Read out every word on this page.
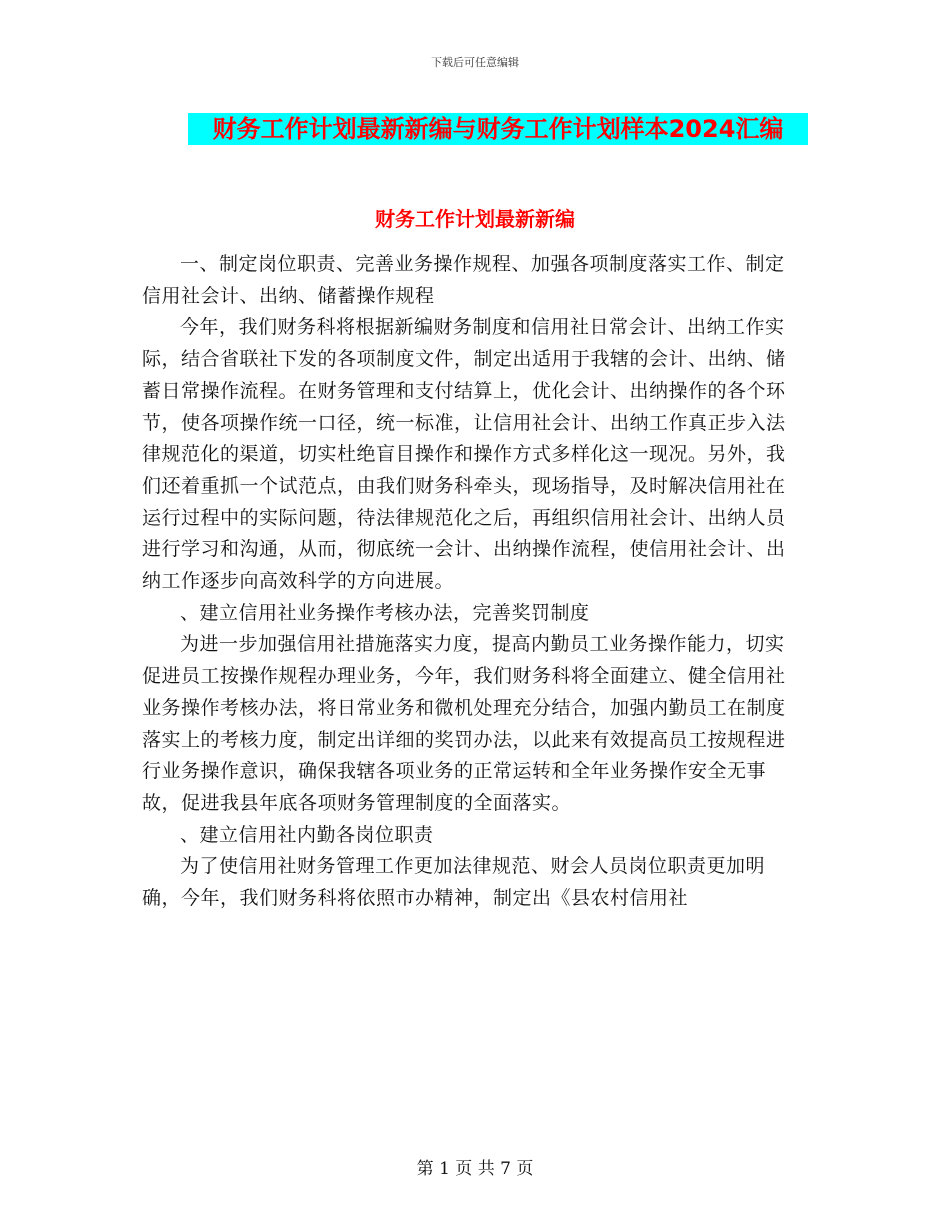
下载后可任意编辑
财务工作计划最新新编与财务工作计划样本2024汇编
财务工作计划最新新编

一、制定岗位职责、完善业务操作规程、加强各项制度落实工作、制定信用社会计、出纳、储蓄操作规程

今年，我们财务科将根据新编财务制度和信用社日常会计、出纳工作实际，结合省联社下发的各项制度文件，制定出适用于我辖的会计、出纳、储蓄日常操作流程。在财务管理和支付结算上，优化会计、出纳操作的各个环节，使各项操作统一口径，统一标准，让信用社会计、出纳工作真正步入法律规范化的渠道，切实杜绝盲目操作和操作方式多样化这一现况。另外，我们还着重抓一个试范点，由我们财务科牵头，现场指导，及时解决信用社在运行过程中的实际问题，待法律规范化之后，再组织信用社会计、出纳人员进行学习和沟通，从而，彻底统一会计、出纳操作流程，使信用社会计、出纳工作逐步向高效科学的方向进展。

、建立信用社业务操作考核办法，完善奖罚制度

为进一步加强信用社措施落实力度，提高内勤员工业务操作能力，切实促进员工按操作规程办理业务，今年，我们财务科将全面建立、健全信用社业务操作考核办法，将日常业务和微机处理充分结合，加强内勤员工在制度落实上的考核力度，制定出详细的奖罚办法，以此来有效提高员工按规程进行业务操作意识，确保我辖各项业务的正常运转和全年业务操作安全无事故，促进我县年底各项财务管理制度的全面落实。

、建立信用社内勤各岗位职责

为了使信用社财务管理工作更加法律规范、财会人员岗位职责更加明确，今年，我们财务科将依照市办精神，制定出《县农村信用社

第 1 页 共 7 页
